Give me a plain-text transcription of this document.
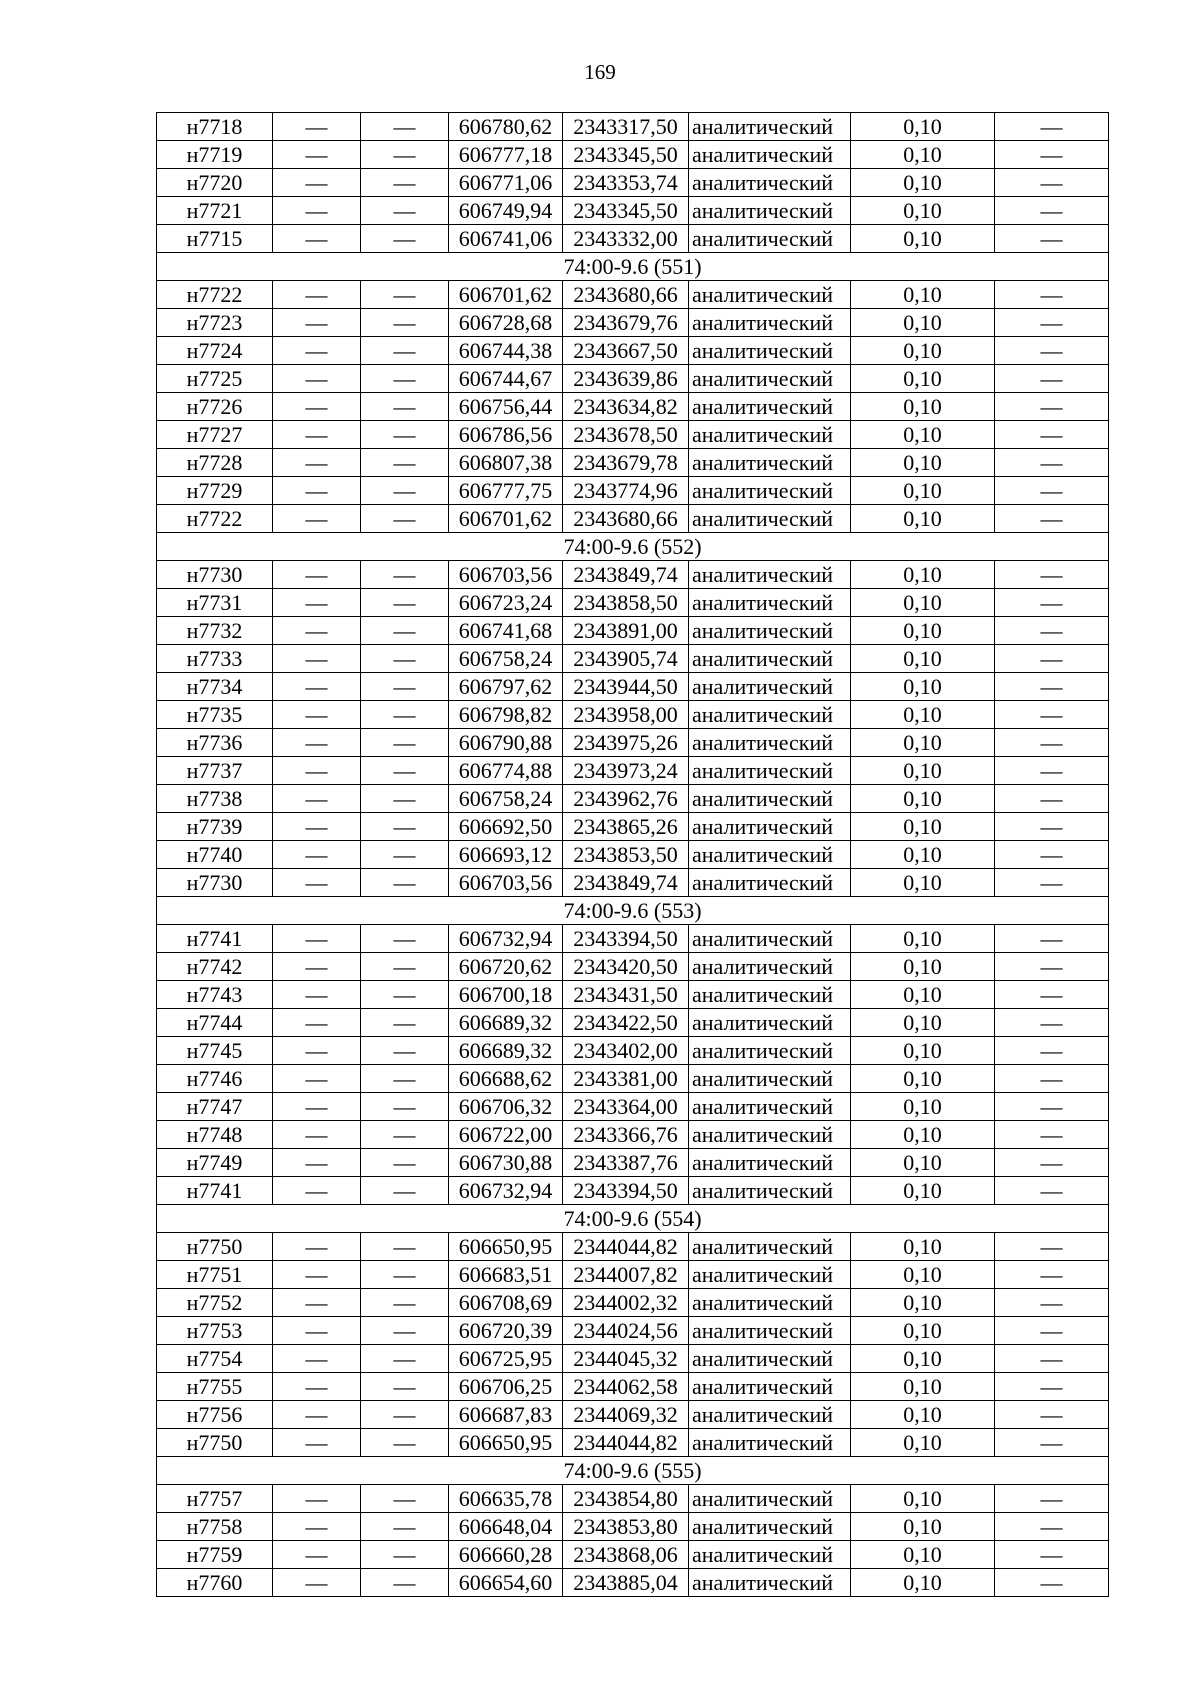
169
н7718	—	—	606780,62	2343317,50	аналитический	0,10	—
н7719	—	—	606777,18	2343345,50	аналитический	0,10	—
н7720	—	—	606771,06	2343353,74	аналитический	0,10	—
н7721	—	—	606749,94	2343345,50	аналитический	0,10	—
н7715	—	—	606741,06	2343332,00	аналитический	0,10	—
74:00-9.6 (551)							
н7722	—	—	606701,62	2343680,66	аналитический	0,10	—
н7723	—	—	606728,68	2343679,76	аналитический	0,10	—
н7724	—	—	606744,38	2343667,50	аналитический	0,10	—
н7725	—	—	606744,67	2343639,86	аналитический	0,10	—
н7726	—	—	606756,44	2343634,82	аналитический	0,10	—
н7727	—	—	606786,56	2343678,50	аналитический	0,10	—
н7728	—	—	606807,38	2343679,78	аналитический	0,10	—
н7729	—	—	606777,75	2343774,96	аналитический	0,10	—
н7722	—	—	606701,62	2343680,66	аналитический	0,10	—
74:00-9.6 (552)							
н7730	—	—	606703,56	2343849,74	аналитический	0,10	—
н7731	—	—	606723,24	2343858,50	аналитический	0,10	—
н7732	—	—	606741,68	2343891,00	аналитический	0,10	—
н7733	—	—	606758,24	2343905,74	аналитический	0,10	—
н7734	—	—	606797,62	2343944,50	аналитический	0,10	—
н7735	—	—	606798,82	2343958,00	аналитический	0,10	—
н7736	—	—	606790,88	2343975,26	аналитический	0,10	—
н7737	—	—	606774,88	2343973,24	аналитический	0,10	—
н7738	—	—	606758,24	2343962,76	аналитический	0,10	—
н7739	—	—	606692,50	2343865,26	аналитический	0,10	—
н7740	—	—	606693,12	2343853,50	аналитический	0,10	—
н7730	—	—	606703,56	2343849,74	аналитический	0,10	—
74:00-9.6 (553)							
н7741	—	—	606732,94	2343394,50	аналитический	0,10	—
н7742	—	—	606720,62	2343420,50	аналитический	0,10	—
н7743	—	—	606700,18	2343431,50	аналитический	0,10	—
н7744	—	—	606689,32	2343422,50	аналитический	0,10	—
н7745	—	—	606689,32	2343402,00	аналитический	0,10	—
н7746	—	—	606688,62	2343381,00	аналитический	0,10	—
н7747	—	—	606706,32	2343364,00	аналитический	0,10	—
н7748	—	—	606722,00	2343366,76	аналитический	0,10	—
н7749	—	—	606730,88	2343387,76	аналитический	0,10	—
н7741	—	—	606732,94	2343394,50	аналитический	0,10	—
74:00-9.6 (554)							
н7750	—	—	606650,95	2344044,82	аналитический	0,10	—
н7751	—	—	606683,51	2344007,82	аналитический	0,10	—
н7752	—	—	606708,69	2344002,32	аналитический	0,10	—
н7753	—	—	606720,39	2344024,56	аналитический	0,10	—
н7754	—	—	606725,95	2344045,32	аналитический	0,10	—
н7755	—	—	606706,25	2344062,58	аналитический	0,10	—
н7756	—	—	606687,83	2344069,32	аналитический	0,10	—
н7750	—	—	606650,95	2344044,82	аналитический	0,10	—
74:00-9.6 (555)							
н7757	—	—	606635,78	2343854,80	аналитический	0,10	—
н7758	—	—	606648,04	2343853,80	аналитический	0,10	—
н7759	—	—	606660,28	2343868,06	аналитический	0,10	—
н7760	—	—	606654,60	2343885,04	аналитический	0,10	—
